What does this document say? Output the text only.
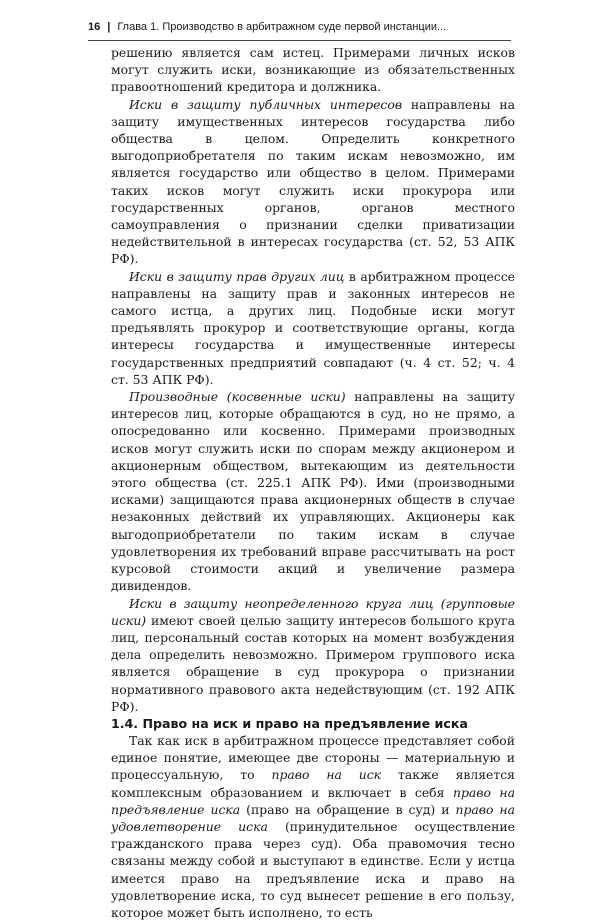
16 | Глава 1. Производство в арбитражном суде первой инстанции...

решению является сам истец. Примерами личных исков могут служить иски, возникающие из обязательственных правоотношений кредитора и должника.

Иски в защиту публичных интересов направлены на защиту имущественных интересов государства либо общества в целом. Определить конкретного выгодоприобретателя по таким искам невозможно, им является государство или общество в целом. Примерами таких исков могут служить иски прокурора или государственных органов, органов местного самоуправления о признании сделки приватизации недействительной в интересах государства (ст. 52, 53 АПК РФ).

Иски в защиту прав других лиц в арбитражном процессе направлены на защиту прав и законных интересов не самого истца, а других лиц. Подобные иски могут предъявлять прокурор и соответствующие органы, когда интересы государства и имущественные интересы государственных предприятий совпадают (ч. 4 ст. 52; ч. 4 ст. 53 АПК РФ).

Производные (косвенные иски) направлены на защиту интересов лиц, которые обращаются в суд, но не прямо, а опосредованно или косвенно. Примерами производных исков могут служить иски по спорам между акционером и акционерным обществом, вытекающим из деятельности этого общества (ст. 225.1 АПК РФ). Ими (производными исками) защищаются права акционерных обществ в случае незаконных действий их управляющих. Акционеры как выгодоприобретатели по таким искам в случае удовлетворения их требований вправе рассчитывать на рост курсовой стоимости акций и увеличение размера дивидендов.

Иски в защиту неопределенного круга лиц (групповые иски) имеют своей целью защиту интересов большого круга лиц, персональный состав которых на момент возбуждения дела определить невозможно. Примером группового иска является обращение в суд прокурора о признании нормативного правового акта недействующим (ст. 192 АПК РФ).

1.4. Право на иск и право на предъявление иска

Так как иск в арбитражном процессе представляет собой единое понятие, имеющее две стороны — материальную и процессуальную, то право на иск также является комплексным образованием и включает в себя право на предъявление иска (право на обращение в суд) и право на удовлетворение иска (принудительное осуществление гражданского права через суд). Оба правомочия тесно связаны между собой и выступают в единстве. Если у истца имеется право на предъявление иска и право на удовлетворение иска, то суд вынесет решение в его пользу, которое может быть исполнено, то есть
